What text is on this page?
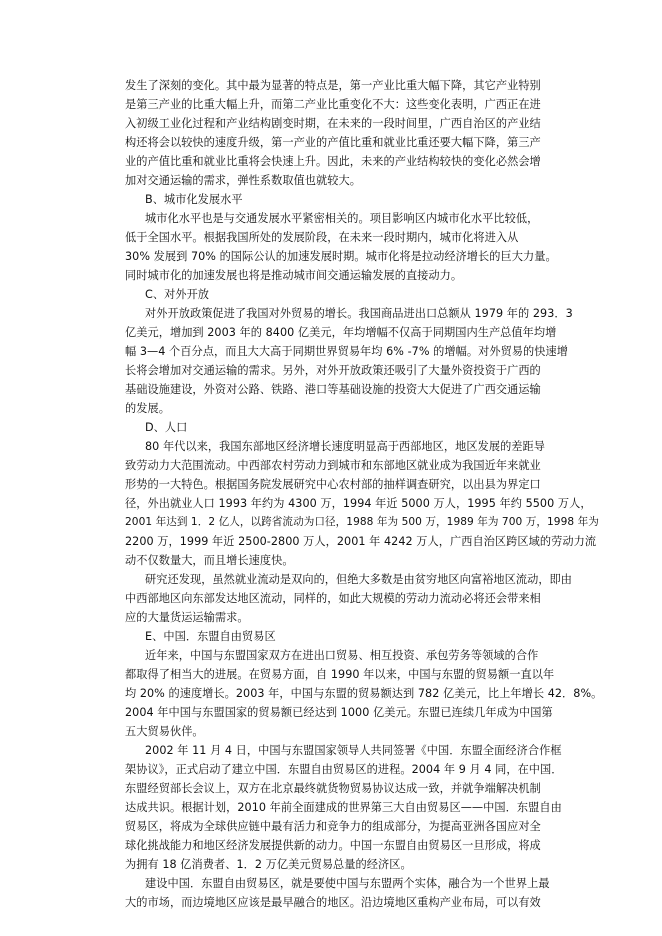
发生了深刻的变化。其中最为显著的特点是，第一产业比重大幅下降，其它产业特别
是第三产业的比重大幅上升，而第二产业比重变化不大：这些变化表明，广西正在进
入初级工业化过程和产业结构剧变时期，在未来的一段时间里，广西自治区的产业结
构还将会以较快的速度升级，第一产业的产值比重和就业比重还要大幅下降，第三产
业的产值比重和就业比重将会快速上升。因此，未来的产业结构较快的变化必然会增
加对交通运输的需求，弹性系数取值也就较大。
B、城市化发展水平
城市化水平也是与交通发展水平紧密相关的。项目影响区内城市化水平比较低，
低于全国水平。根据我国所处的发展阶段，在未来一段时期内，城市化将进入从
30% 发展到 70% 的国际公认的加速发展时期。城市化将是拉动经济增长的巨大力量。
同时城市化的加速发展也将是推动城市间交通运输发展的直接动力。
C、对外开放
对外开放政策促进了我国对外贸易的增长。我国商品进出口总额从 1979 年的 293．3
亿美元，增加到 2003 年的 8400 亿美元，年均增幅不仅高于同期国内生产总值年均增
幅 3—4 个百分点，而且大大高于同期世界贸易年均 6% -7% 的增幅。对外贸易的快速增
长将会增加对交通运输的需求。另外，对外开放政策还吸引了大量外资投资于广西的
基础设施建设，外资对公路、铁路、港口等基础设施的投资大大促进了广西交通运输
的发展。
D、人口
80 年代以来，我国东部地区经济增长速度明显高于西部地区，地区发展的差距导
致劳动力大范围流动。中西部农村劳动力到城市和东部地区就业成为我国近年来就业
形势的一大特色。根据国务院发展研究中心农村部的抽样调查研究，以出县为界定口
径，外出就业人口 1993 年约为 4300 万，1994 年近 5000 万人，1995 年约 5500 万人，
2001 年达到 1．2 亿人，以跨省流动为口径，1988 年为 500 万，1989 年为 700 万，1998 年为
2200 万，1999 年近 2500-2800 万人，2001 年 4242 万人，广西自治区跨区域的劳动力流
动不仅数量大，而且增长速度快。
研究还发现，虽然就业流动是双向的，但绝大多数是由贫穷地区向富裕地区流动，即由
中西部地区向东部发达地区流动，同样的，如此大规模的劳动力流动必将还会带来相
应的大量货运运输需求。
E、中国．东盟自由贸易区
近年来，中国与东盟国家双方在进出口贸易、相互投资、承包劳务等领域的合作
都取得了相当大的进展。在贸易方面，自 1990 年以来，中国与东盟的贸易额一直以年
均 20% 的速度增长。2003 年，中国与东盟的贸易额达到 782 亿美元，比上年增长 42．8%。
2004 年中国与东盟国家的贸易额已经达到 1000 亿美元。东盟已连续几年成为中国第
五大贸易伙伴。
2002 年 11 月 4 日，中国与东盟国家领导人共同签署《中国．东盟全面经济合作框
架协议》，正式启动了建立中国．东盟自由贸易区的进程。2004 年 9 月 4 同，在中国．
东盟经贸部长会议上，双方在北京最终就货物贸易协议达成一致，并就争端解决机制
达成共识。根据计划，2010 年前全面建成的世界第三大自由贸易区——中国．东盟自由
贸易区，将成为全球供应链中最有活力和竞争力的组成部分，为提高亚洲各国应对全
球化挑战能力和地区经济发展提供新的动力。中国一东盟自由贸易区一旦形成，将成
为拥有 18 亿消费者、1．2 万亿美元贸易总量的经济区。
建设中国．东盟自由贸易区，就是要使中国与东盟两个实体，融合为一个世界上最
大的市场，而边境地区应该是最早融合的地区。沿边境地区重构产业布局，可以有效
